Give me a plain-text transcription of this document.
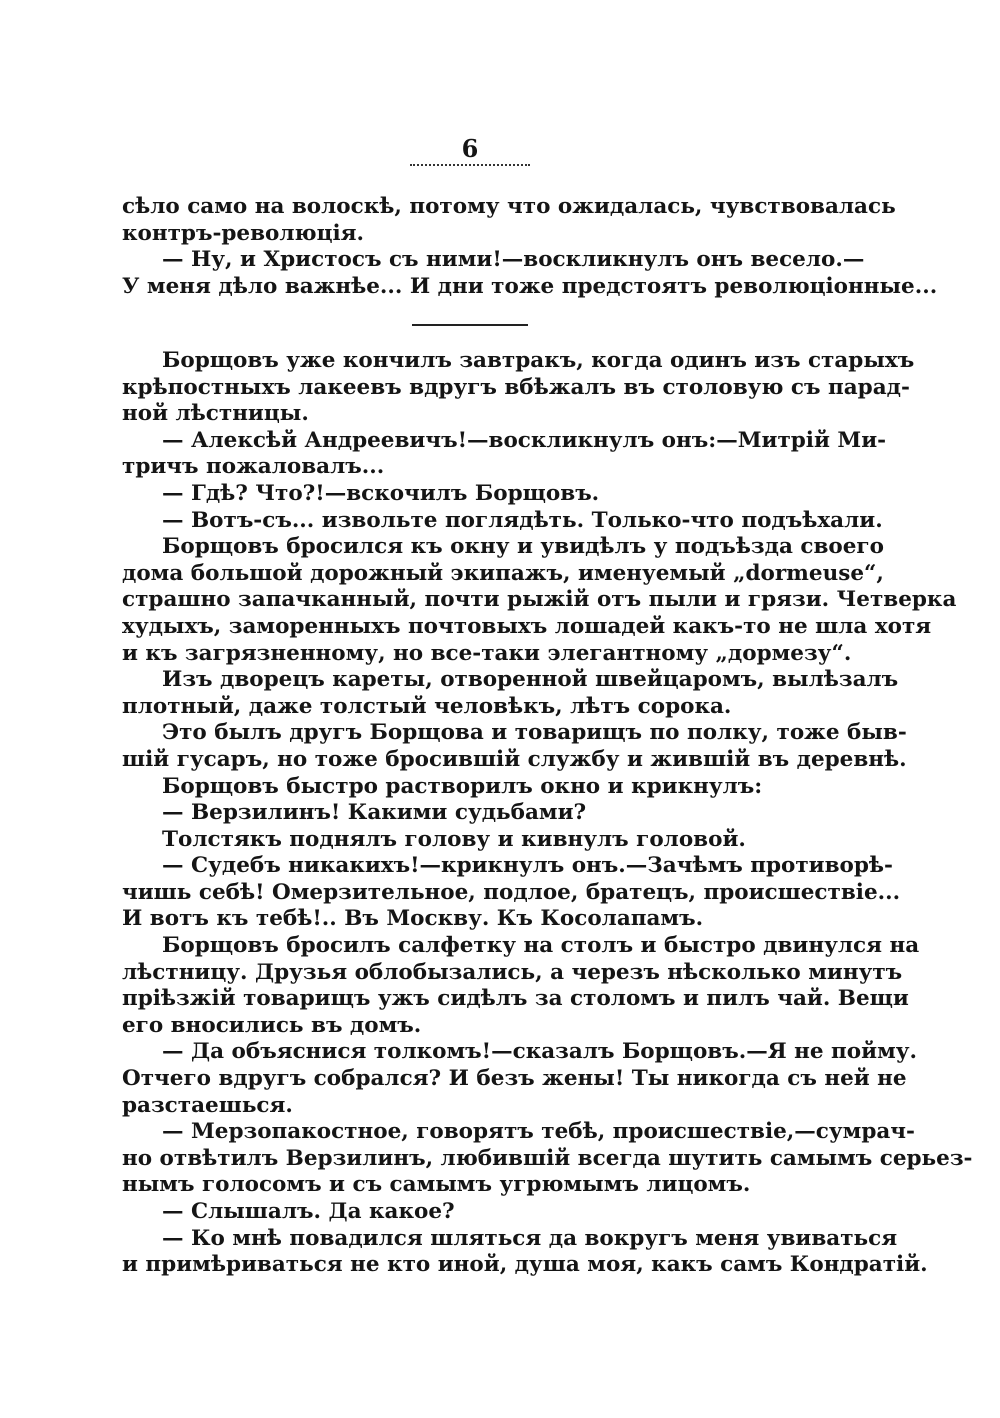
6
сѣло само на волоскѣ, потому что ожидалась, чувствовалась
контръ-революція.
— Ну, и Христосъ съ ними!—воскликнулъ онъ весело.—
У меня дѣло важнѣе... И дни тоже предстоятъ революціонные...
Борщовъ уже кончилъ завтракъ, когда одинъ изъ старыхъ
крѣпостныхъ лакеевъ вдругъ вбѣжалъ въ столовую съ парад-
ной лѣстницы.
— Алексѣй Андреевичъ!—воскликнулъ онъ:—Митрій Ми-
тричъ пожаловалъ...
— Гдѣ? Что?!—вскочилъ Борщовъ.
— Вотъ-съ... извольте поглядѣть. Только-что подъѣхали.
Борщовъ бросился къ окну и увидѣлъ у подъѣзда своего
дома большой дорожный экипажъ, именуемый „dormeuse“,
страшно запачканный, почти рыжій отъ пыли и грязи. Четверка
худыхъ, заморенныхъ почтовыхъ лошадей какъ-то не шла хотя
и къ загрязненному, но все-таки элегантному „дормезу“.
Изъ дворецъ кареты, отворенной швейцаромъ, вылѣзалъ
плотный, даже толстый человѣкъ, лѣтъ сорока.
Это былъ другъ Борщова и товарищъ по полку, тоже быв-
шій гусаръ, но тоже бросившій службу и жившій въ деревнѣ.
Борщовъ быстро растворилъ окно и крикнулъ:
— Верзилинъ! Какими судьбами?
Толстякъ поднялъ голову и кивнулъ головой.
— Судебъ никакихъ!—крикнулъ онъ.—Зачѣмъ противорѣ-
чишь себѣ! Омерзительное, подлое, братецъ, происшествіе...
И вотъ къ тебѣ!.. Въ Москву. Къ Косолапамъ.
Борщовъ бросилъ салфетку на столъ и быстро двинулся на
лѣстницу. Друзья облобызались, а черезъ нѣсколько минутъ
пріѣзжій товарищъ ужъ сидѣлъ за столомъ и пилъ чай. Вещи
его вносились въ домъ.
— Да объяснися толкомъ!—сказалъ Борщовъ.—Я не пойму.
Отчего вдругъ собрался? И безъ жены! Ты никогда съ ней не
разстаешься.
— Мерзопакостное, говорятъ тебѣ, происшествіе,—сумрач-
но отвѣтилъ Верзилинъ, любившій всегда шутить самымъ серьез-
нымъ голосомъ и съ самымъ угрюмымъ лицомъ.
— Слышалъ. Да какое?
— Ко мнѣ повадился шляться да вокругъ меня увиваться
и примѣриваться не кто иной, душа моя, какъ самъ Кондратій.
